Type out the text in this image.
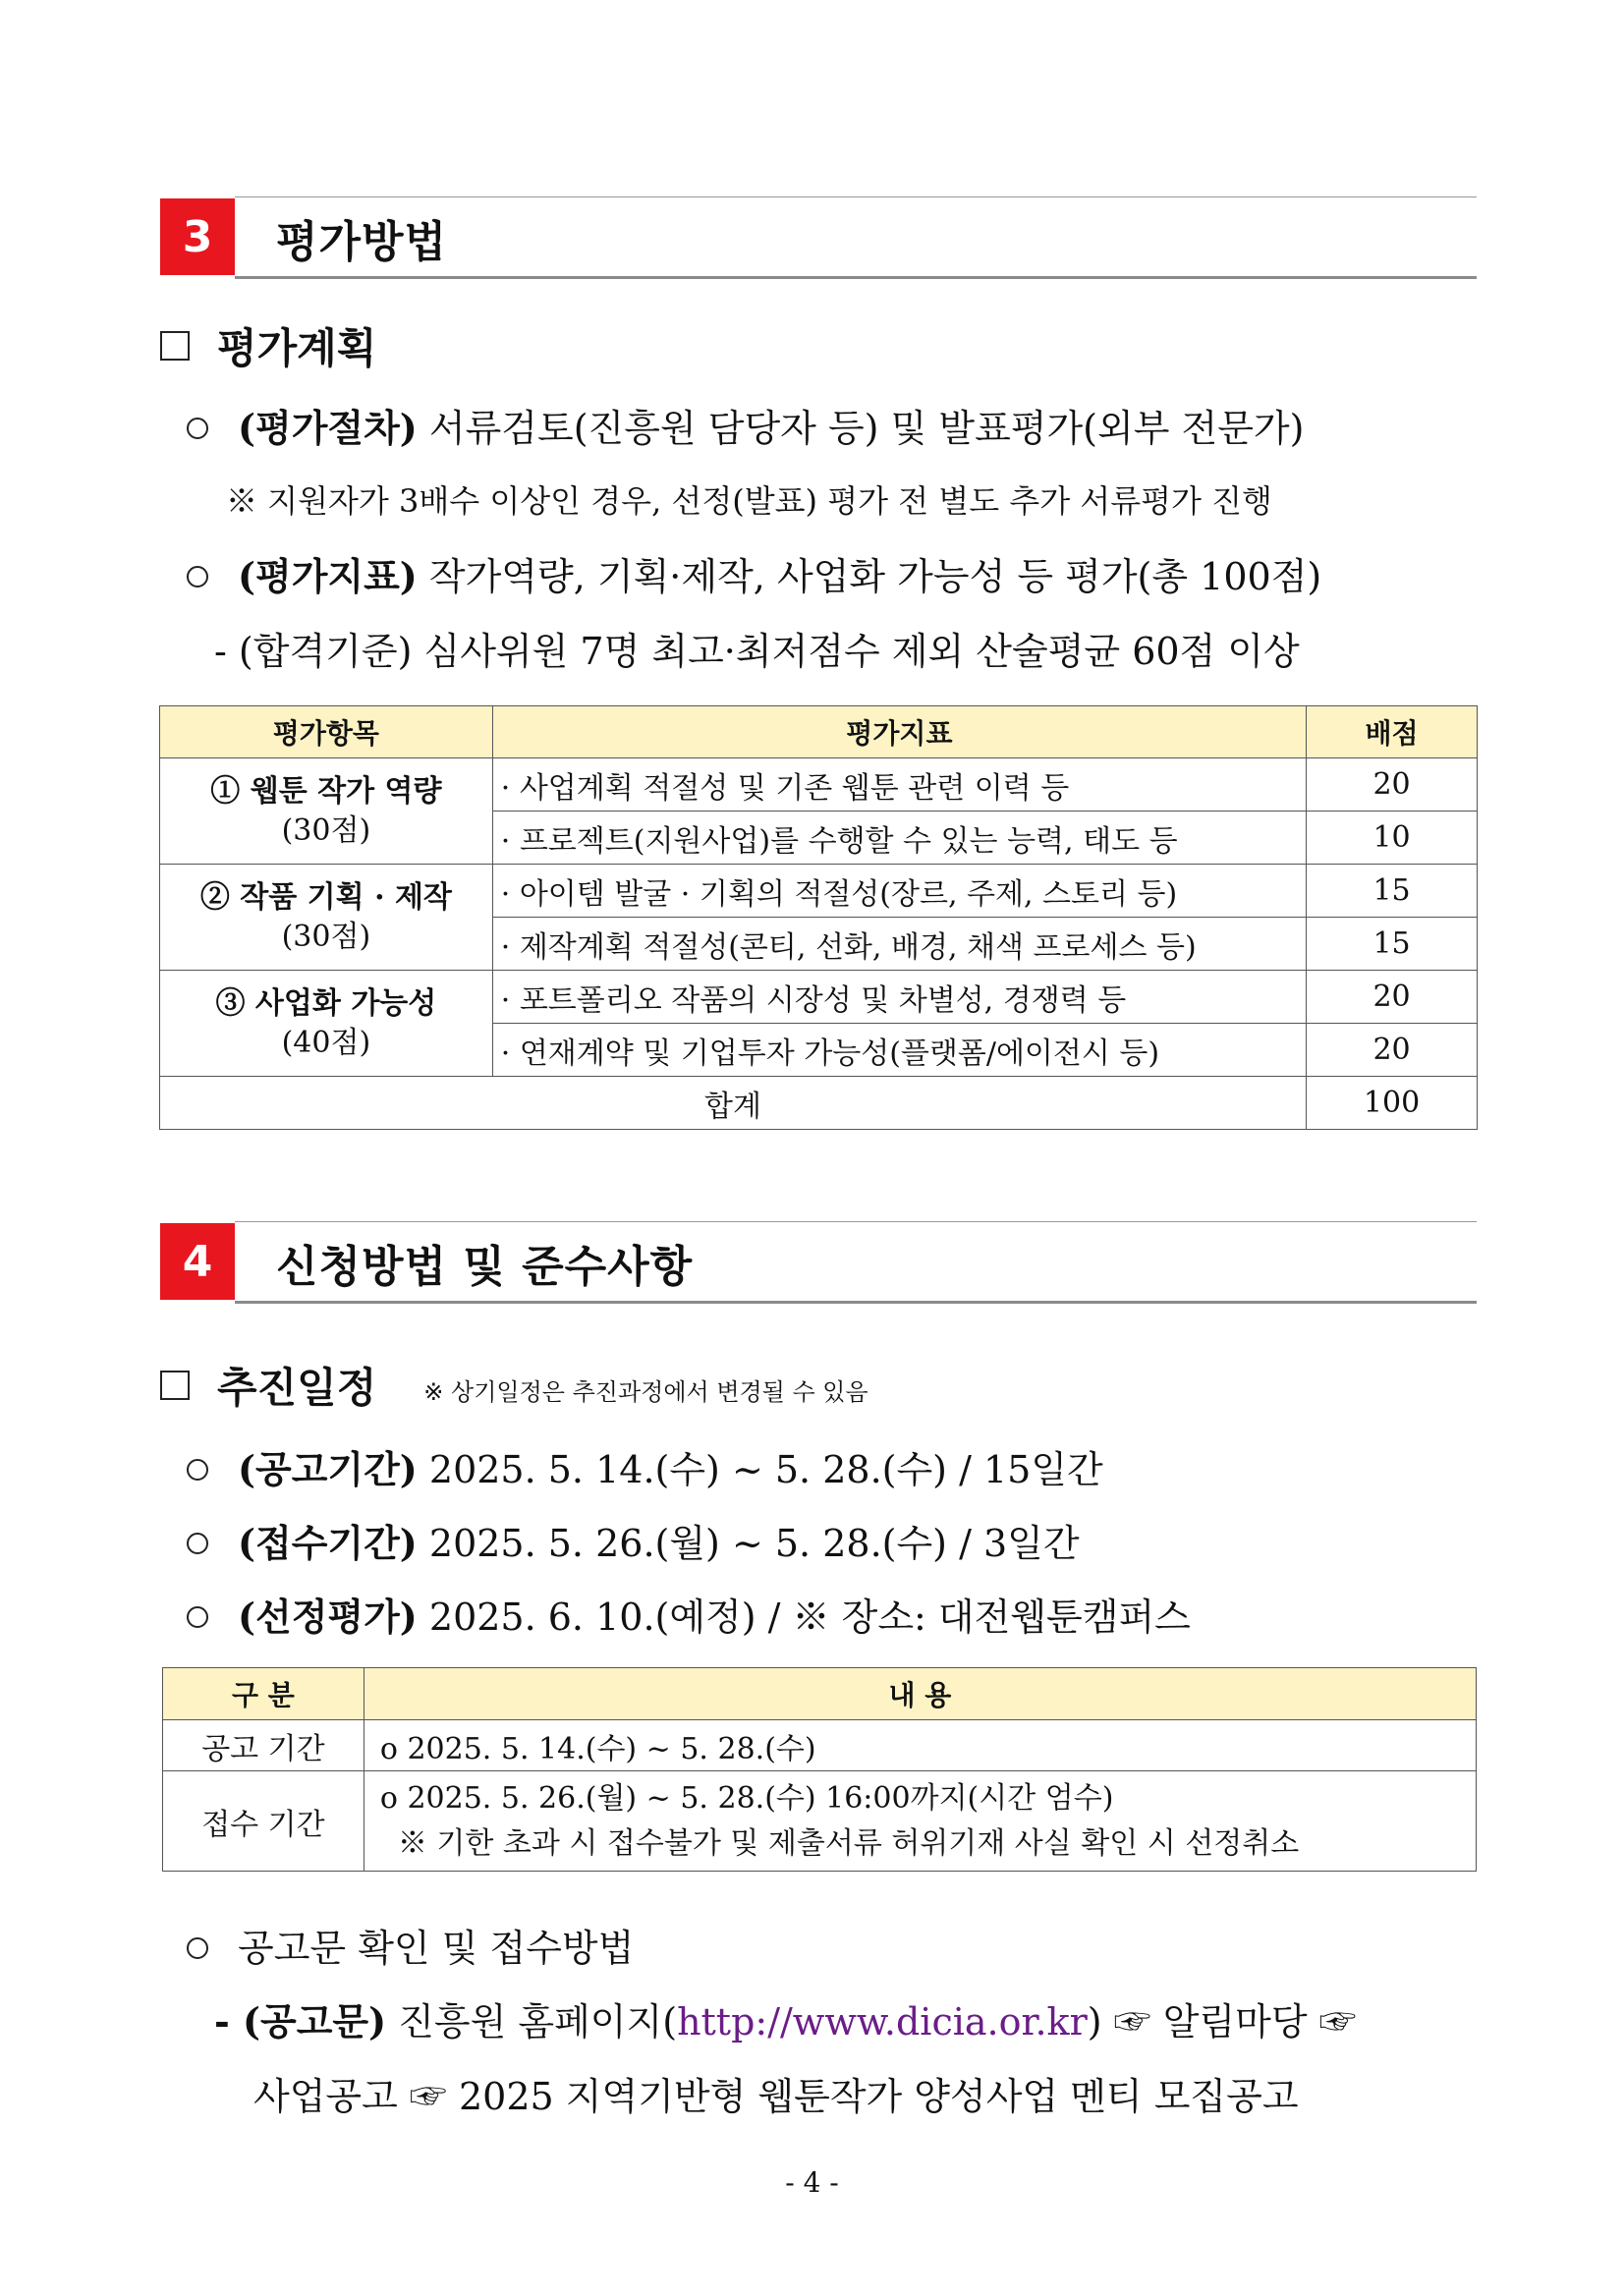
3	평가방법
평가계획
(평가절차) 서류검토(진흥원 담당자 등) 및 발표평가(외부 전문가)
※ 지원자가 3배수 이상인 경우, 선정(발표) 평가 전 별도 추가 서류평가 진행
(평가지표) 작가역량, 기획·제작, 사업화 가능성 등 평가(총 100점)
- (합격기준) 심사위원 7명 최고·최저점수 제외 산술평균 60점 이상
평가항목	평가지표	배점

① 웹툰 작가 역량
(30점)	· 사업계획 적절성 및 기존 웹툰 관련 이력 등	20
	· 프로젝트(지원사업)를 수행할 수 있는 능력, 태도 등	10

② 작품 기획 · 제작
(30점)	· 아이템 발굴 · 기획의 적절성(장르, 주제, 스토리 등)	15
	· 제작계획 적절성(콘티, 선화, 배경, 채색 프로세스 등)	15

③ 사업화 가능성
(40점)	· 포트폴리오 작품의 시장성 및 차별성, 경쟁력 등	20
	· 연재계약 및 기업투자 가능성(플랫폼/에이전시 등)	20
합계		100
4	신청방법 및 준수사항
추진일정 ※ 상기일정은 추진과정에서 변경될 수 있음
(공고기간) 2025. 5. 14.(수) ~ 5. 28.(수) / 15일간
(접수기간) 2025. 5. 26.(월) ~ 5. 28.(수) / 3일간
(선정평가) 2025. 6. 10.(예정) / ※ 장소: 대전웹툰캠퍼스
구 분	내 용
공고 기간	o 2025. 5. 14.(수) ~ 5. 28.(수)
접수 기간	o 2025. 5. 26.(월) ~ 5. 28.(수) 16:00까지(시간 엄수)
※ 기한 초과 시 접수불가 및 제출서류 허위기재 사실 확인 시 선정취소
공고문 확인 및 접수방법
- (공고문) 진흥원 홈페이지(http://www.dicia.or.kr) ☞ 알림마당 ☞
사업공고 ☞ 2025 지역기반형 웹툰작가 양성사업 멘티 모집공고
- 4 -
